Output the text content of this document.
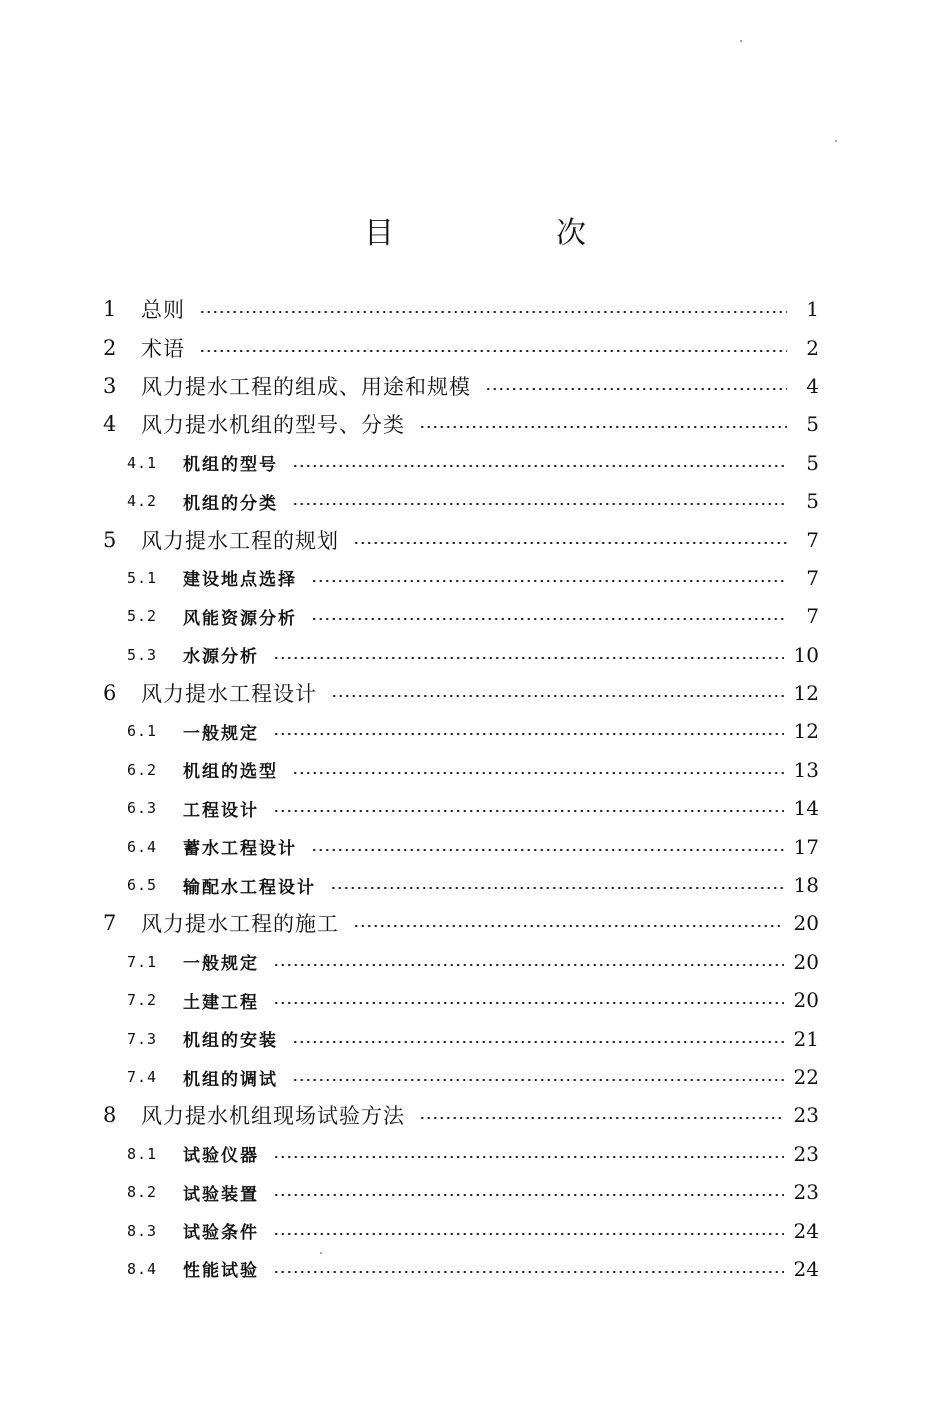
目　次
1	总则	1
2	术语	2
3	风力提水工程的组成、用途和规模	4
4	风力提水机组的型号、分类	5
4.1	机组的型号	5
4.2	机组的分类	5
5	风力提水工程的规划	7
5.1	建设地点选择	7
5.2	风能资源分析	7
5.3	水源分析	10
6	风力提水工程设计	12
6.1	一般规定	12
6.2	机组的选型	13
6.3	工程设计	14
6.4	蓄水工程设计	17
6.5	输配水工程设计	18
7	风力提水工程的施工	20
7.1	一般规定	20
7.2	土建工程	20
7.3	机组的安装	21
7.4	机组的调试	22
8	风力提水机组现场试验方法	23
8.1	试验仪器	23
8.2	试验装置	23
8.3	试验条件	24
8.4	性能试验	24
